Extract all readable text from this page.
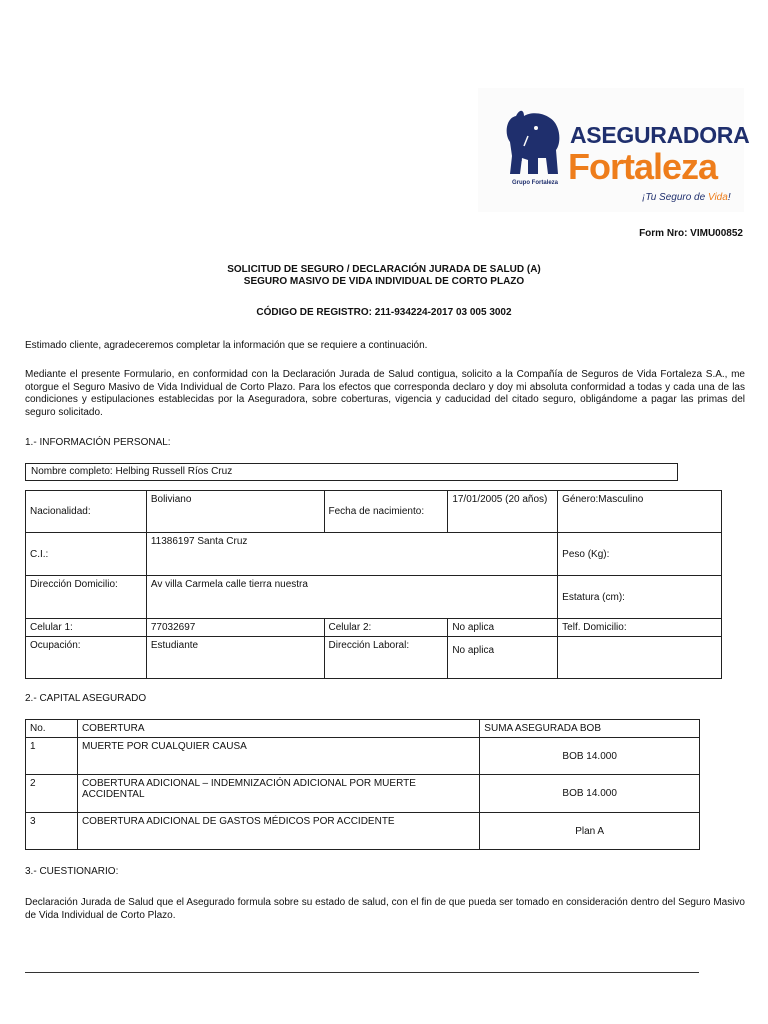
Grupo Fortaleza
ASEGURADORA
Fortaleza
¡Tu Seguro de Vida!
Form Nro: VIMU00852
SOLICITUD DE SEGURO / DECLARACIÓN JURADA DE SALUD (A)
SEGURO MASIVO DE VIDA INDIVIDUAL DE CORTO PLAZO
CÓDIGO DE REGISTRO: 211-934224-2017 03 005 3002
Estimado cliente, agradeceremos completar la información que se requiere a continuación.
Mediante el presente Formulario, en conformidad con la Declaración Jurada de Salud contigua, solicito a la Compañía de Seguros de Vida Fortaleza S.A., me otorgue el Seguro Masivo de Vida Individual de Corto Plazo. Para los efectos que corresponda declaro y doy mi absoluta conformidad a todas y cada una de las condiciones y estipulaciones establecidas por la Aseguradora, sobre coberturas, vigencia y caducidad del citado seguro, obligándome a pagar las primas del seguro solicitado.
1.- INFORMACIÓN PERSONAL:
Nombre completo: Helbing Russell Ríos Cruz
Nacionalidad:	Boliviano	Fecha de nacimiento:	17/01/2005 (20 años)	Género:Masculino
C.I.:	11386197 Santa Cruz			Peso (Kg):
Dirección Domicilio:	Av villa Carmela calle tierra nuestra			Estatura (cm):
Celular 1:	77032697	Celular 2:	No aplica	Telf. Domicilio:
Ocupación:	Estudiante	Dirección Laboral:	No aplica	
2.- CAPITAL ASEGURADO
No.	COBERTURA	SUMA ASEGURADA BOB
1	MUERTE POR CUALQUIER CAUSA	BOB 14.000
2	COBERTURA ADICIONAL – INDEMNIZACIÓN ADICIONAL POR MUERTE ACCIDENTAL	BOB 14.000
3	COBERTURA ADICIONAL DE GASTOS MÉDICOS POR ACCIDENTE	Plan A
3.- CUESTIONARIO:
Declaración Jurada de Salud que el Asegurado formula sobre su estado de salud, con el fin de que pueda ser tomado en consideración dentro del Seguro Masivo de Vida Individual de Corto Plazo.
